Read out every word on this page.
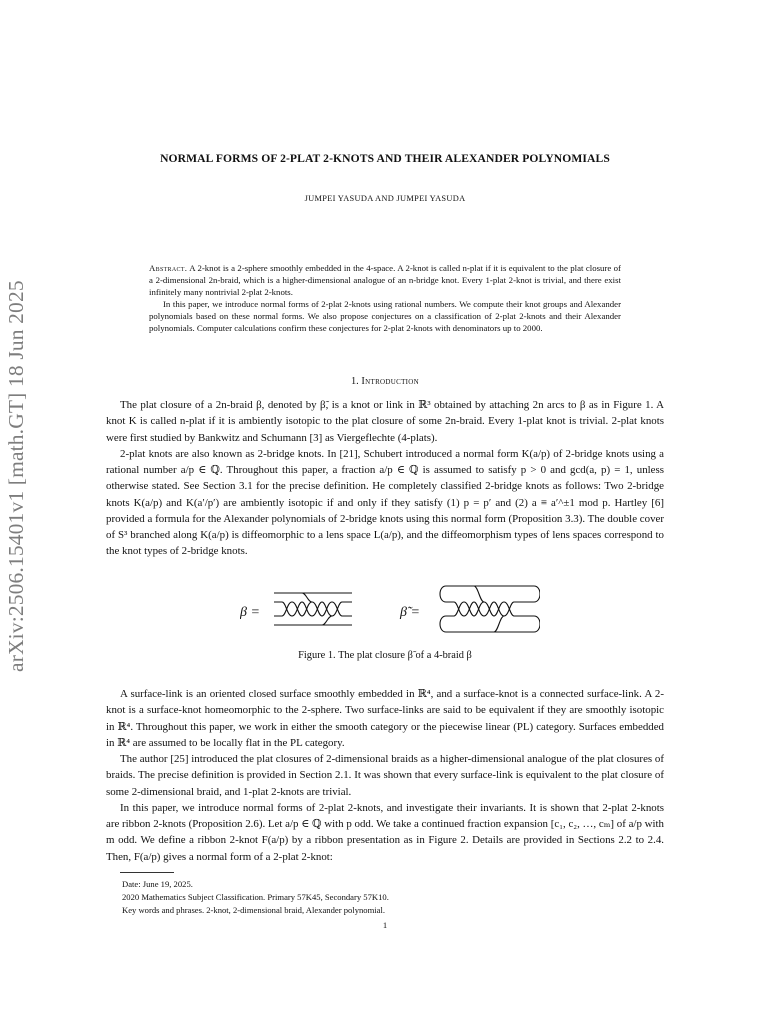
arXiv:2506.15401v1 [math.GT] 18 Jun 2025
NORMAL FORMS OF 2-PLAT 2-KNOTS AND THEIR ALEXANDER POLYNOMIALS
JUMPEI YASUDA AND JUMPEI YASUDA

Abstract. A 2-knot is a 2-sphere smoothly embedded in the 4-space. A 2-knot is called n-plat if it is equivalent to the plat closure of a 2-dimensional 2n-braid, which is a higher-dimensional analogue of an n-bridge knot. Every 1-plat 2-knot is trivial, and there exist infinitely many nontrivial 2-plat 2-knots.

In this paper, we introduce normal forms of 2-plat 2-knots using rational numbers. We compute their knot groups and Alexander polynomials based on these normal forms. We also propose conjectures on a classification of 2-plat 2-knots and their Alexander polynomials. Computer calculations confirm these conjectures for 2-plat 2-knots with denominators up to 2000.

1. Introduction

The plat closure of a 2n-braid β, denoted by β̃, is a knot or link in ℝ³ obtained by attaching 2n arcs to β as in Figure 1. A knot K is called n-plat if it is ambiently isotopic to the plat closure of some 2n-braid. Every 1-plat knot is trivial. 2-plat knots were first studied by Bankwitz and Schumann [3] as Viergeflechte (4-plats).

2-plat knots are also known as 2-bridge knots. In [21], Schubert introduced a normal form K(a/p) of 2-bridge knots using a rational number a/p ∈ ℚ. Throughout this paper, a fraction a/p ∈ ℚ is assumed to satisfy p > 0 and gcd(a, p) = 1, unless otherwise stated. See Section 3.1 for the precise definition. He completely classified 2-bridge knots as follows: Two 2-bridge knots K(a/p) and K(a′/p′) are ambiently isotopic if and only if they satisfy (1) p = p′ and (2) a ≡ a′^±1 mod p. Hartley [6] provided a formula for the Alexander polynomials of 2-bridge knots using this normal form (Proposition 3.3). The double cover of S³ branched along K(a/p) is diffeomorphic to a lens space L(a/p), and the diffeomorphism types of lens spaces correspond to the knot types of 2-bridge knots.

β =	β̃ =
Figure 1. The plat closure β̃ of a 4-braid β

A surface-link is an oriented closed surface smoothly embedded in ℝ⁴, and a surface-knot is a connected surface-link. A 2-knot is a surface-knot homeomorphic to the 2-sphere. Two surface-links are said to be equivalent if they are smoothly isotopic in ℝ⁴. Throughout this paper, we work in either the smooth category or the piecewise linear (PL) category. Surfaces embedded in ℝ⁴ are assumed to be locally flat in the PL category.

The author [25] introduced the plat closures of 2-dimensional braids as a higher-dimensional analogue of the plat closures of braids. The precise definition is provided in Section 2.1. It was shown that every surface-link is equivalent to the plat closure of some 2-dimensional braid, and 1-plat 2-knots are trivial.

In this paper, we introduce normal forms of 2-plat 2-knots, and investigate their invariants. It is shown that 2-plat 2-knots are ribbon 2-knots (Proposition 2.6). Let a/p ∈ ℚ with p odd. We take a continued fraction expansion [c₁, c₂, …, cₘ] of a/p with m odd. We define a ribbon 2-knot F(a/p) by a ribbon presentation as in Figure 2. Details are provided in Sections 2.2 to 2.4. Then, F(a/p) gives a normal form of a 2-plat 2-knot:

Date: June 19, 2025.
2020 Mathematics Subject Classification. Primary 57K45, Secondary 57K10.
Key words and phrases. 2-knot, 2-dimensional braid, Alexander polynomial.
1
